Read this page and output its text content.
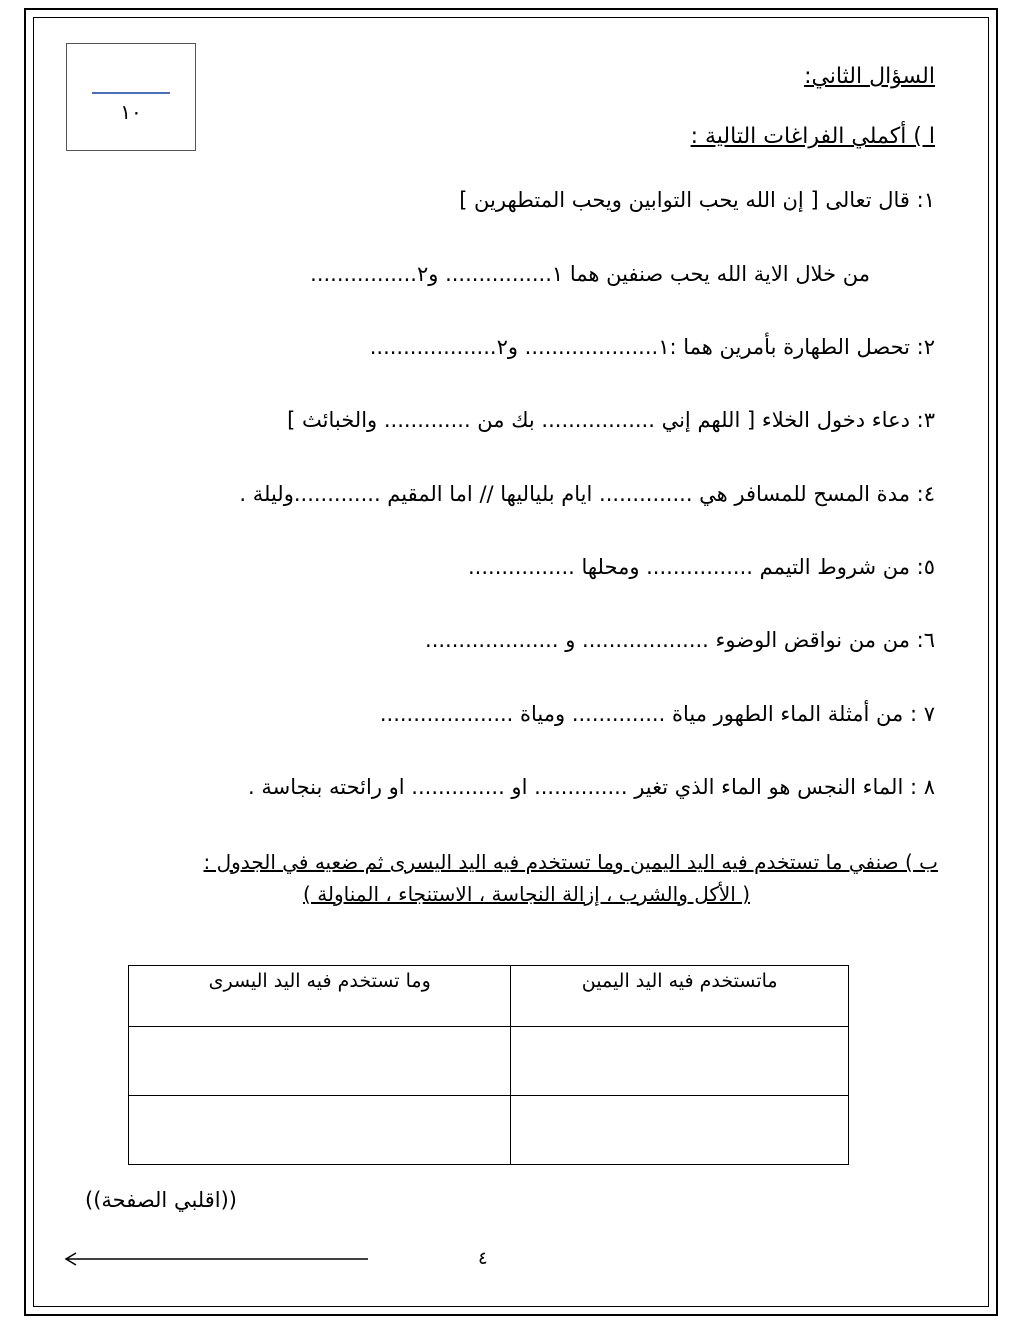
١٠
السؤال الثاني:
ا ) أكملي الفراغات التالية :
١: قال تعالى [ إن الله يحب التوابين ويحب المتطهرين ]
من خلال الاية الله يحب صنفين هما ١................ و٢................
٢: تحصل الطهارة بأمرين هما :١.................... و٢...................
٣: دعاء دخول الخلاء [ اللهم إني ................. بك من ............. والخبائث ]
٤: مدة المسح للمسافر هي .............. ايام بلياليها // اما المقيم .............وليلة .
٥: من شروط التيمم ................ ومحلها ................
٦: من من نواقض الوضوء ................... و ....................
٧ : من أمثلة الماء الطهور مياة .............. ومياة ....................
٨ : الماء النجس هو الماء الذي تغير .............. او .............. او رائحته بنجاسة .
ب ) صنفي ما تستخدم فيه اليد اليمين وما تستخدم فيه اليد اليسرى ثم ضعيه في الجدول :
( الأكل والشرب ، إزالة النجاسة ، الاستنجاء ، المناولة )
ماتستخدم فيه اليد اليمين	وما تستخدم فيه اليد اليسرى

((اقلبي الصفحة))
٤
